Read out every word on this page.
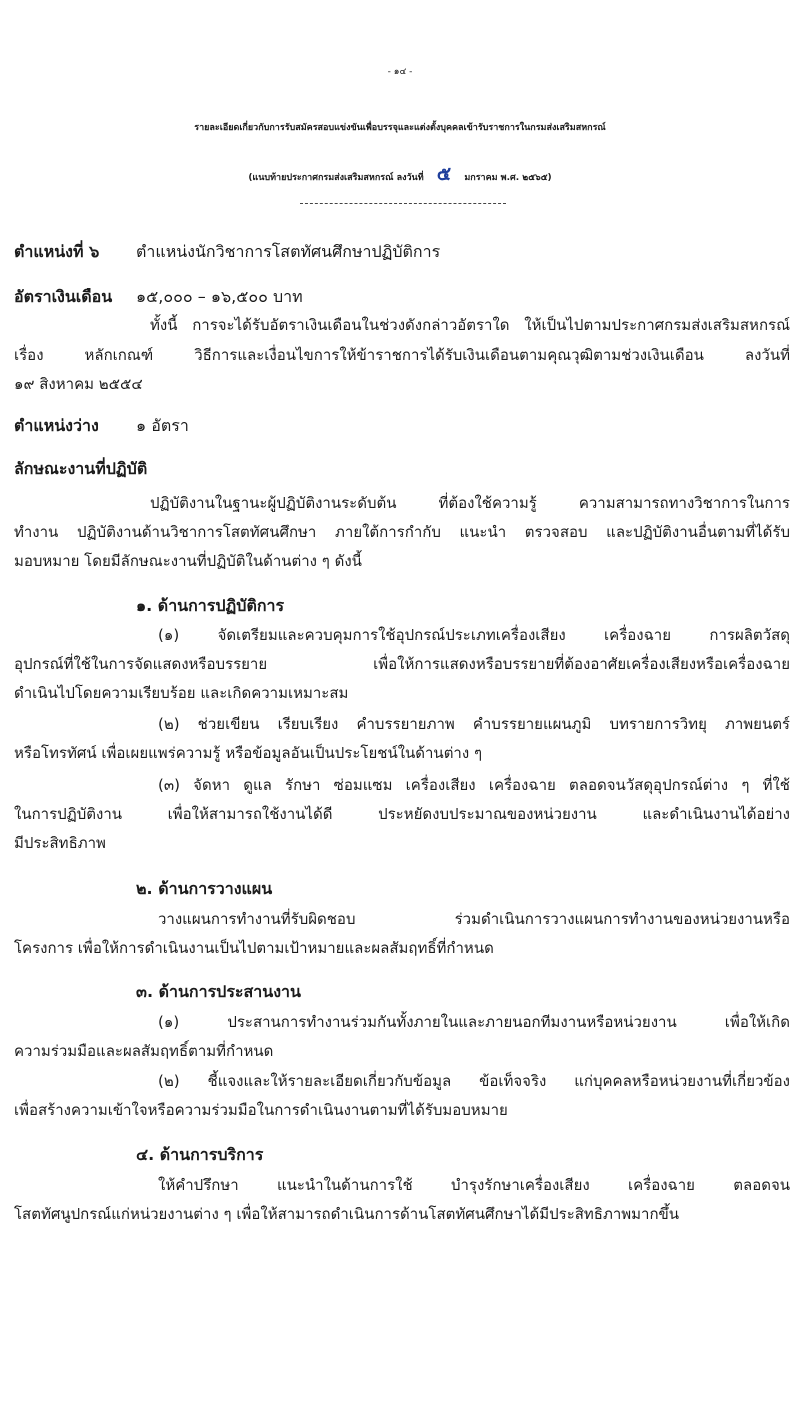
- ๑๔ -
รายละเอียดเกี่ยวกับการรับสมัครสอบแข่งขันเพื่อบรรจุและแต่งตั้งบุคคลเข้ารับราชการในกรมส่งเสริมสหกรณ์
(แนบท้ายประกาศกรมส่งเสริมสหกรณ์ ลงวันที่ ๕ มกราคม พ.ศ. ๒๕๖๕)
ตำแหน่งที่ ๖ ตำแหน่งนักวิชาการโสตทัศนศึกษาปฏิบัติการ
อัตราเงินเดือน ๑๕,๐๐๐ – ๑๖,๕๐๐ บาท
ทั้งนี้ การจะได้รับอัตราเงินเดือนในช่วงดังกล่าวอัตราใด ให้เป็นไปตามประกาศกรมส่งเสริมสหกรณ์
เรื่อง หลักเกณฑ์ วิธีการและเงื่อนไขการให้ข้าราชการได้รับเงินเดือนตามคุณวุฒิตามช่วงเงินเดือน ลงวันที่
๑๙ สิงหาคม ๒๕๕๔
ตำแหน่งว่าง ๑ อัตรา
ลักษณะงานที่ปฏิบัติ
ปฏิบัติงานในฐานะผู้ปฏิบัติงานระดับต้น ที่ต้องใช้ความรู้ ความสามารถทางวิชาการในการ
ทำงาน ปฏิบัติงานด้านวิชาการโสตทัศนศึกษา ภายใต้การกำกับ แนะนำ ตรวจสอบ และปฏิบัติงานอื่นตามที่ได้รับ
มอบหมาย โดยมีลักษณะงานที่ปฏิบัติในด้านต่าง ๆ ดังนี้
๑. ด้านการปฏิบัติการ
(๑) จัดเตรียมและควบคุมการใช้อุปกรณ์ประเภทเครื่องเสียง เครื่องฉาย การผลิตวัสดุ
อุปกรณ์ที่ใช้ในการจัดแสดงหรือบรรยาย เพื่อให้การแสดงหรือบรรยายที่ต้องอาศัยเครื่องเสียงหรือเครื่องฉาย
ดำเนินไปโดยความเรียบร้อย และเกิดความเหมาะสม
(๒) ช่วยเขียน เรียบเรียง คำบรรยายภาพ คำบรรยายแผนภูมิ บทรายการวิทยุ ภาพยนตร์
หรือโทรทัศน์ เพื่อเผยแพร่ความรู้ หรือข้อมูลอันเป็นประโยชน์ในด้านต่าง ๆ
(๓) จัดหา ดูแล รักษา ซ่อมแซม เครื่องเสียง เครื่องฉาย ตลอดจนวัสดุอุปกรณ์ต่าง ๆ ที่ใช้
ในการปฏิบัติงาน เพื่อให้สามารถใช้งานได้ดี ประหยัดงบประมาณของหน่วยงาน และดำเนินงานได้อย่าง
มีประสิทธิภาพ
๒. ด้านการวางแผน
วางแผนการทำงานที่รับผิดชอบ ร่วมดำเนินการวางแผนการทำงานของหน่วยงานหรือ
โครงการ เพื่อให้การดำเนินงานเป็นไปตามเป้าหมายและผลสัมฤทธิ์ที่กำหนด
๓. ด้านการประสานงาน
(๑) ประสานการทำงานร่วมกันทั้งภายในและภายนอกทีมงานหรือหน่วยงาน เพื่อให้เกิด
ความร่วมมือและผลสัมฤทธิ์ตามที่กำหนด
(๒) ชี้แจงและให้รายละเอียดเกี่ยวกับข้อมูล ข้อเท็จจริง แก่บุคคลหรือหน่วยงานที่เกี่ยวข้อง
เพื่อสร้างความเข้าใจหรือความร่วมมือในการดำเนินงานตามที่ได้รับมอบหมาย
๔. ด้านการบริการ
ให้คำปรึกษา แนะนำในด้านการใช้ บำรุงรักษาเครื่องเสียง เครื่องฉาย ตลอดจน
โสตทัศนูปกรณ์แก่หน่วยงานต่าง ๆ เพื่อให้สามารถดำเนินการด้านโสตทัศนศึกษาได้มีประสิทธิภาพมากขึ้น
